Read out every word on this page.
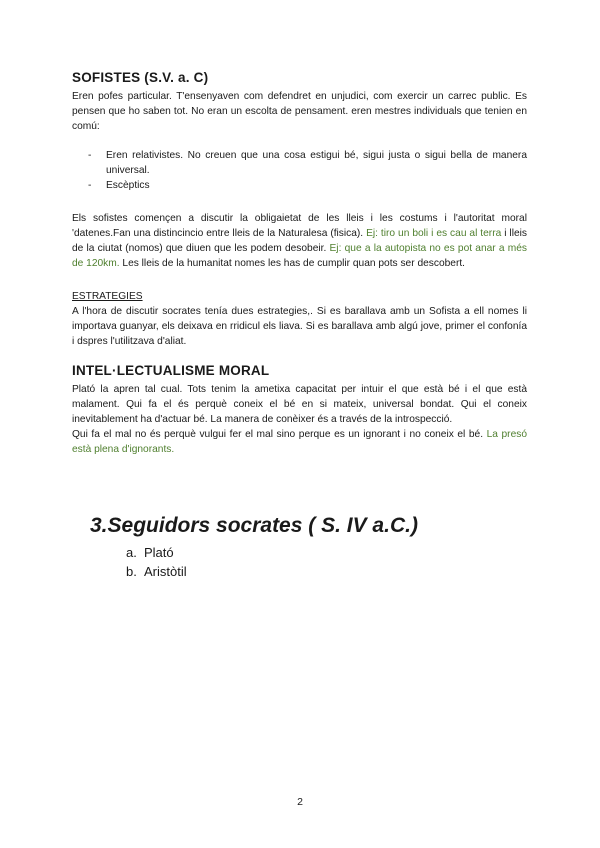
SOFISTES (S.V. a. C)

Eren pofes particular. T'ensenyaven com defendret en unjudici, com exercir un carrec public. Es pensen que ho saben tot. No eran un escolta de pensament. eren mestres individuals que tenien en comú:

- Eren relativistes. No creuen que una cosa estigui bé, sigui justa o sigui bella de manera universal.
- Escèptics

Els sofistes començen a discutir la obligaietat de les lleis i les costums i l'autoritat moral 'datenes.Fan una distincincio entre lleis de la Naturalesa (fisica). Ej: tiro un boli i es cau al terra i lleis de la ciutat (nomos) que diuen que les podem desobeir. Ej: que a la autopista no es pot anar a més de 120km. Les lleis de la humanitat nomes les has de cumplir quan pots ser descobert.

ESTRATEGIES

A l'hora de discutir socrates tenía dues estrategies,. Si es barallava amb un Sofista a ell nomes li importava guanyar, els deixava en rridicul els liava. Si es barallava amb algú jove, primer el confonía i dspres l'utilitzava d'aliat.

INTEL·LECTUALISME MORAL

Plató la apren tal cual. Tots tenim la ametixa capacitat per intuir el que està bé i el que està malament. Qui fa el és perquè coneix el bé en si mateix, universal bondat. Qui el coneix inevitablement ha d'actuar bé. La manera de conèixer és a través de la introspecció.

Qui fa el mal no és perquè vulgui fer el mal sino perque es un ignorant i no coneix el bé. La presó està plena d'ignorants.

3.Seguidors socrates ( S. IV a.C.)
a. Plató
b. Aristòtil
2
